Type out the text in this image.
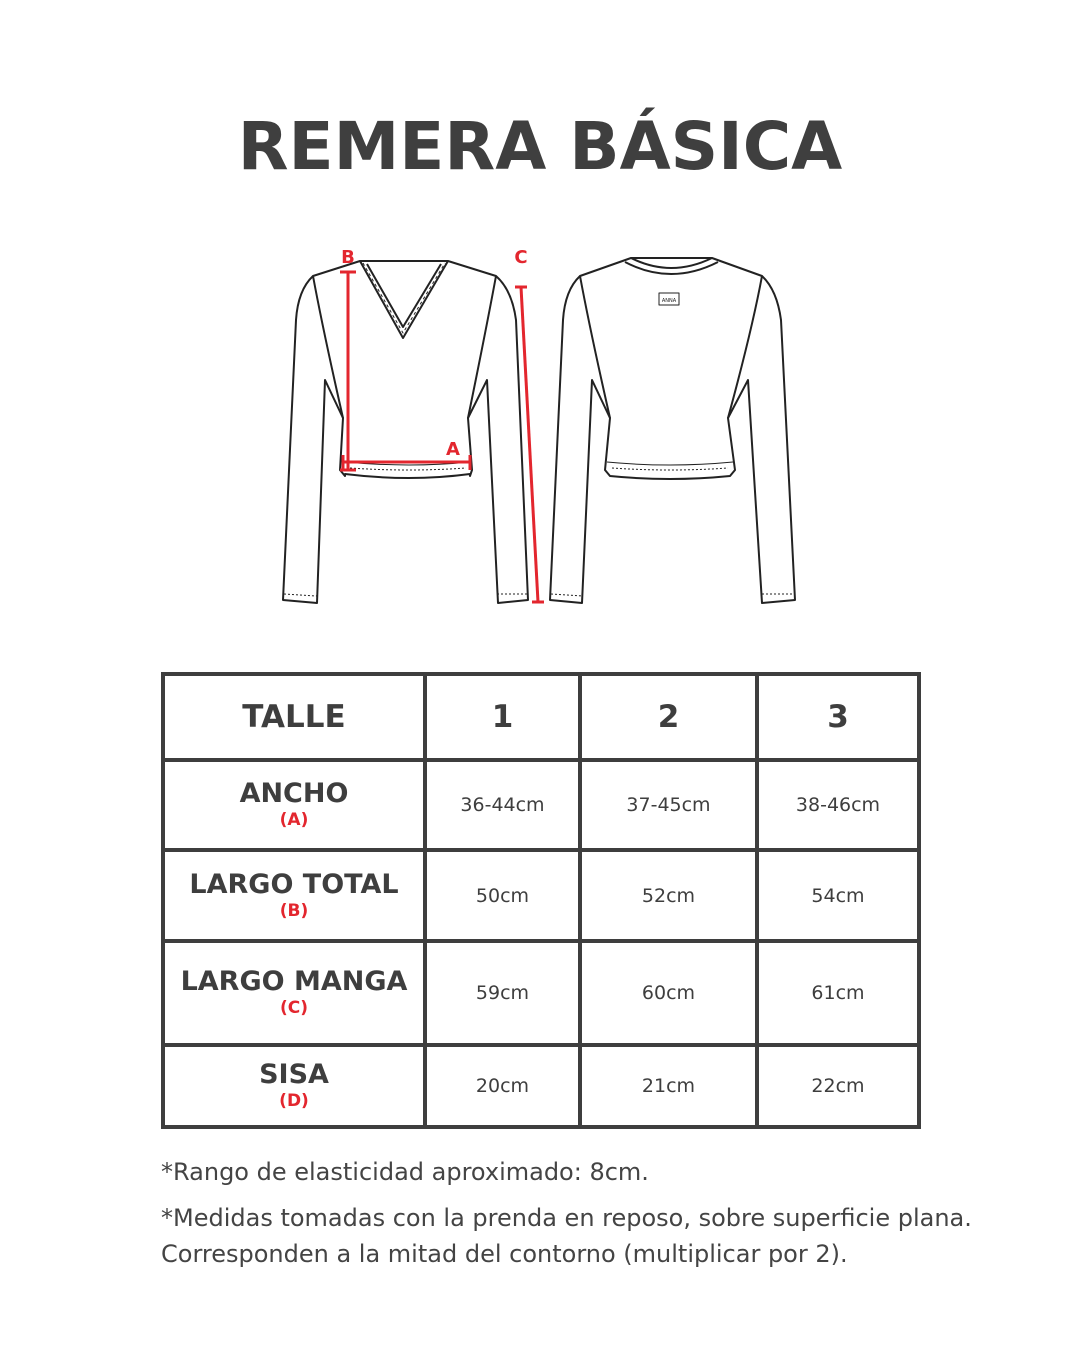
REMERA BÁSICA
B	C
A
ANNA
TALLE	1	2	3
ANCHO
(A)	36-44cm	37-45cm	38-46cm
LARGO TOTAL
(B)	50cm	52cm	54cm
LARGO MANGA
(C)	59cm	60cm	61cm
SISA
(D)	20cm	21cm	22cm

*Rango de elasticidad aproximado: 8cm.

*Medidas tomadas con la prenda en reposo, sobre superficie plana.

Corresponden a la mitad del contorno (multiplicar por 2).
